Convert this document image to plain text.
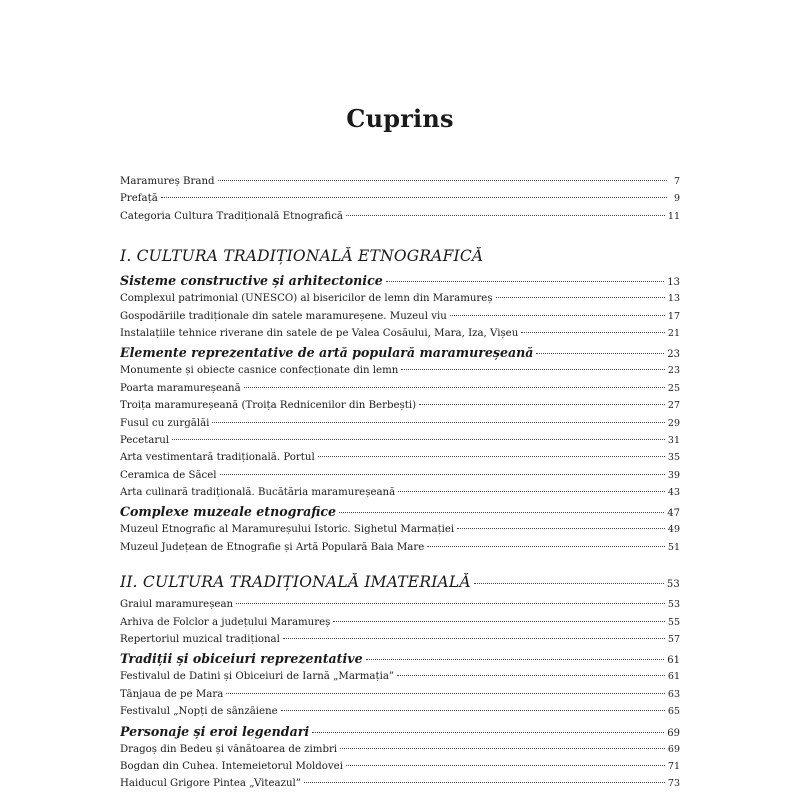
Cuprins
Maramureș Brand	7
Prefață	9
Categoria Cultura Tradițională Etnografică	11
I. CULTURA TRADIȚIONALĂ ETNOGRAFICĂ
Sisteme constructive și arhitectonice	13
Complexul patrimonial (UNESCO) al bisericilor de lemn din Maramureș	13
Gospodăriile tradiționale din satele maramureșene. Muzeul viu	17
Instalațiile tehnice riverane din satele de pe Valea Cosăului, Mara, Iza, Vișeu	21
Elemente reprezentative de artă populară maramureșeană	23
Monumente și obiecte casnice confecționate din lemn	23
Poarta maramureșeană	25
Troița maramureșeană (Troița Rednicenilor din Berbești)	27
Fusul cu zurgălăi	29
Pecetarul	31
Arta vestimentară tradițională. Portul	35
Ceramica de Săcel	39
Arta culinară tradițională. Bucătăria maramureșeană	43
Complexe muzeale etnografice	47
Muzeul Etnografic al Maramureșului Istoric. Sighetul Marmației	49
Muzeul Județean de Etnografie și Artă Populară Baia Mare	51
II. CULTURA TRADIȚIONALĂ IMATERIALĂ	53
Graiul maramureșean	53
Arhiva de Folclor a județului Maramureș	55
Repertoriul muzical tradițional	57
Tradiții și obiceiuri reprezentative	61
Festivalul de Datini și Obiceiuri de Iarnă „Marmația”	61
Tânjaua de pe Mara	63
Festivalul „Nopți de sânzâiene	65
Personaje și eroi legendari	69
Dragoș din Bedeu și vânătoarea de zimbri	69
Bogdan din Cuhea. Întemeietorul Moldovei	71
Haiducul Grigore Pintea „Viteazul”	73
